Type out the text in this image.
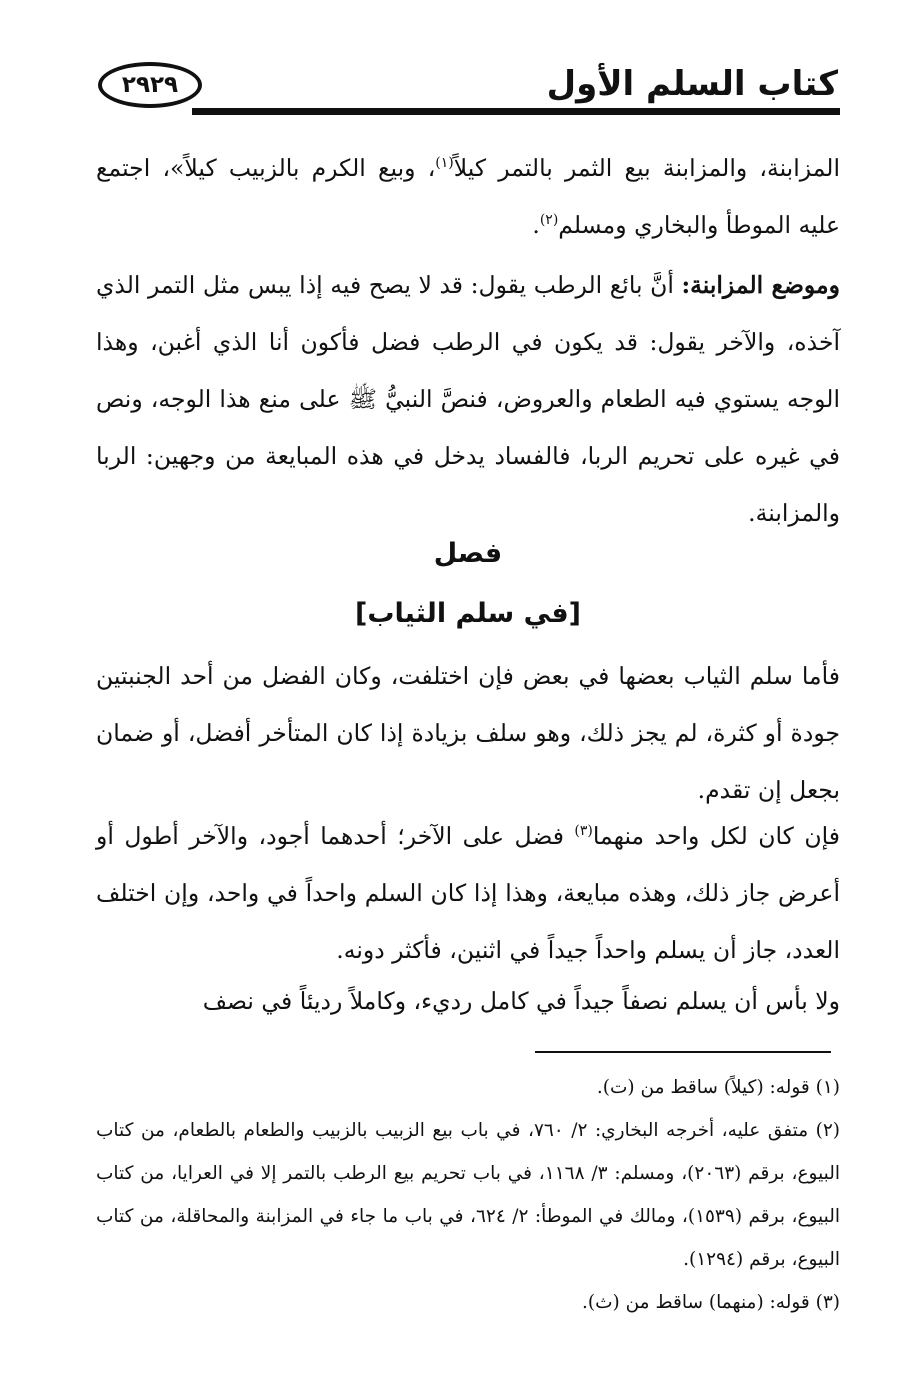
كتاب السلم الأول
٢٩٢٩

المزابنة، والمزابنة بيع الثمر بالتمر كيلاً$^{(١)}$، وبيع الكرم بالزبيب كيلاً»، اجتمع عليه الموطأ والبخاري ومسلم$^{(٢)}$.

وموضع المزابنة: أنَّ بائع الرطب يقول: قد لا يصح فيه إذا يبس مثل التمر الذي آخذه، والآخر يقول: قد يكون في الرطب فضل فأكون أنا الذي أغبن، وهذا الوجه يستوي فيه الطعام والعروض، فنصَّ النبيُّ ﷺ على منع هذا الوجه، ونص في غيره على تحريم الربا، فالفساد يدخل في هذه المبايعة من وجهين: الربا والمزابنة.

فصل
[في سلم الثياب]

فأما سلم الثياب بعضها في بعض فإن اختلفت، وكان الفضل من أحد الجنبتين جودة أو كثرة، لم يجز ذلك، وهو سلف بزيادة إذا كان المتأخر أفضل، أو ضمان بجعل إن تقدم.

فإن كان لكل واحد منهما$^{(٣)}$ فضل على الآخر؛ أحدهما أجود، والآخر أطول أو أعرض جاز ذلك، وهذه مبايعة، وهذا إذا كان السلم واحداً في واحد، وإن اختلف العدد، جاز أن يسلم واحداً جيداً في اثنين، فأكثر دونه.

ولا بأس أن يسلم نصفاً جيداً في كامل رديء، وكاملاً رديئاً في نصف

(١) قوله: (كيلاً) ساقط من (ت).

(٢) متفق عليه، أخرجه البخاري: ٢/ ٧٦٠، في باب بيع الزبيب بالزبيب والطعام بالطعام، من كتاب البيوع، برقم (٢٠٦٣)، ومسلم: ٣/ ١١٦٨، في باب تحريم بيع الرطب بالتمر إلا في العرايا، من كتاب البيوع، برقم (١٥٣٩)، ومالك في الموطأ: ٢/ ٦٢٤، في باب ما جاء في المزابنة والمحاقلة، من كتاب البيوع، برقم (١٢٩٤).

(٣) قوله: (منهما) ساقط من (ث).
